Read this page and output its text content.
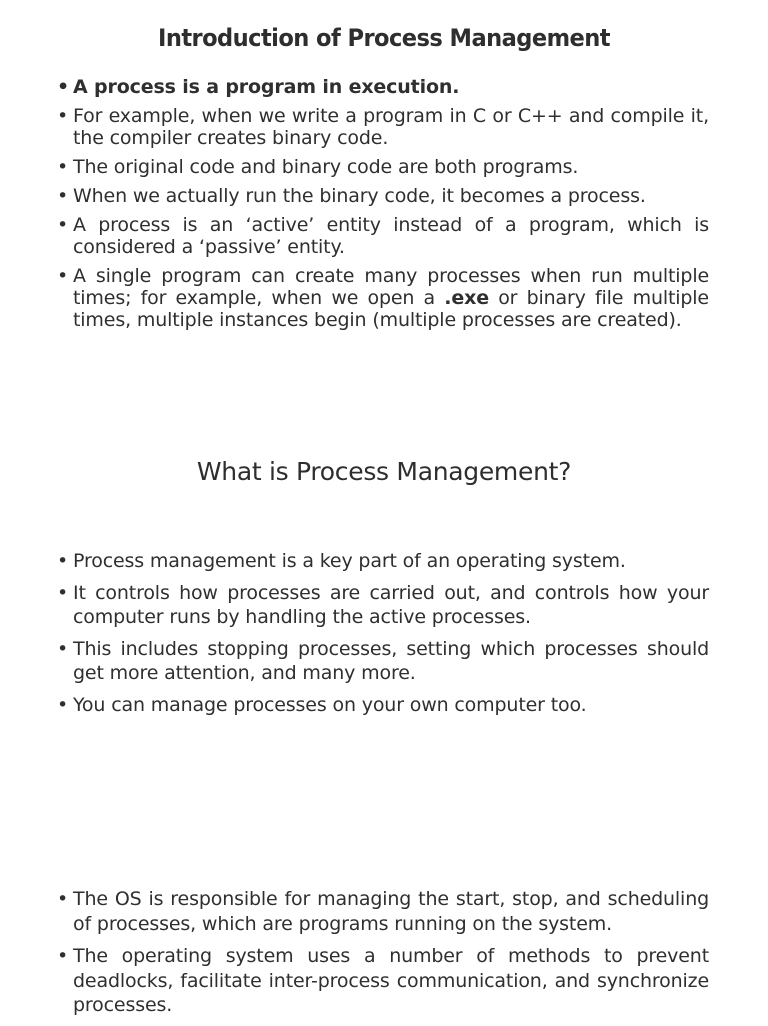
Introduction of Process Management
• A process is a program in execution.
• For example, when we write a program in C or C++ and compile it, the compiler creates binary code.
• The original code and binary code are both programs.
• When we actually run the binary code, it becomes a process.
• A process is an ‘active’ entity instead of a program, which is considered a ‘passive’ entity.
• A single program can create many processes when run multiple times; for example, when we open a .exe or binary file multiple times, multiple instances begin (multiple processes are created).
What is Process Management?
• Process management is a key part of an operating system.
• It controls how processes are carried out, and controls how your computer runs by handling the active processes.
• This includes stopping processes, setting which processes should get more attention, and many more.
• You can manage processes on your own computer too.
• The OS is responsible for managing the start, stop, and scheduling of processes, which are programs running on the system.
• The operating system uses a number of methods to prevent deadlocks, facilitate inter-process communication, and synchronize processes.
